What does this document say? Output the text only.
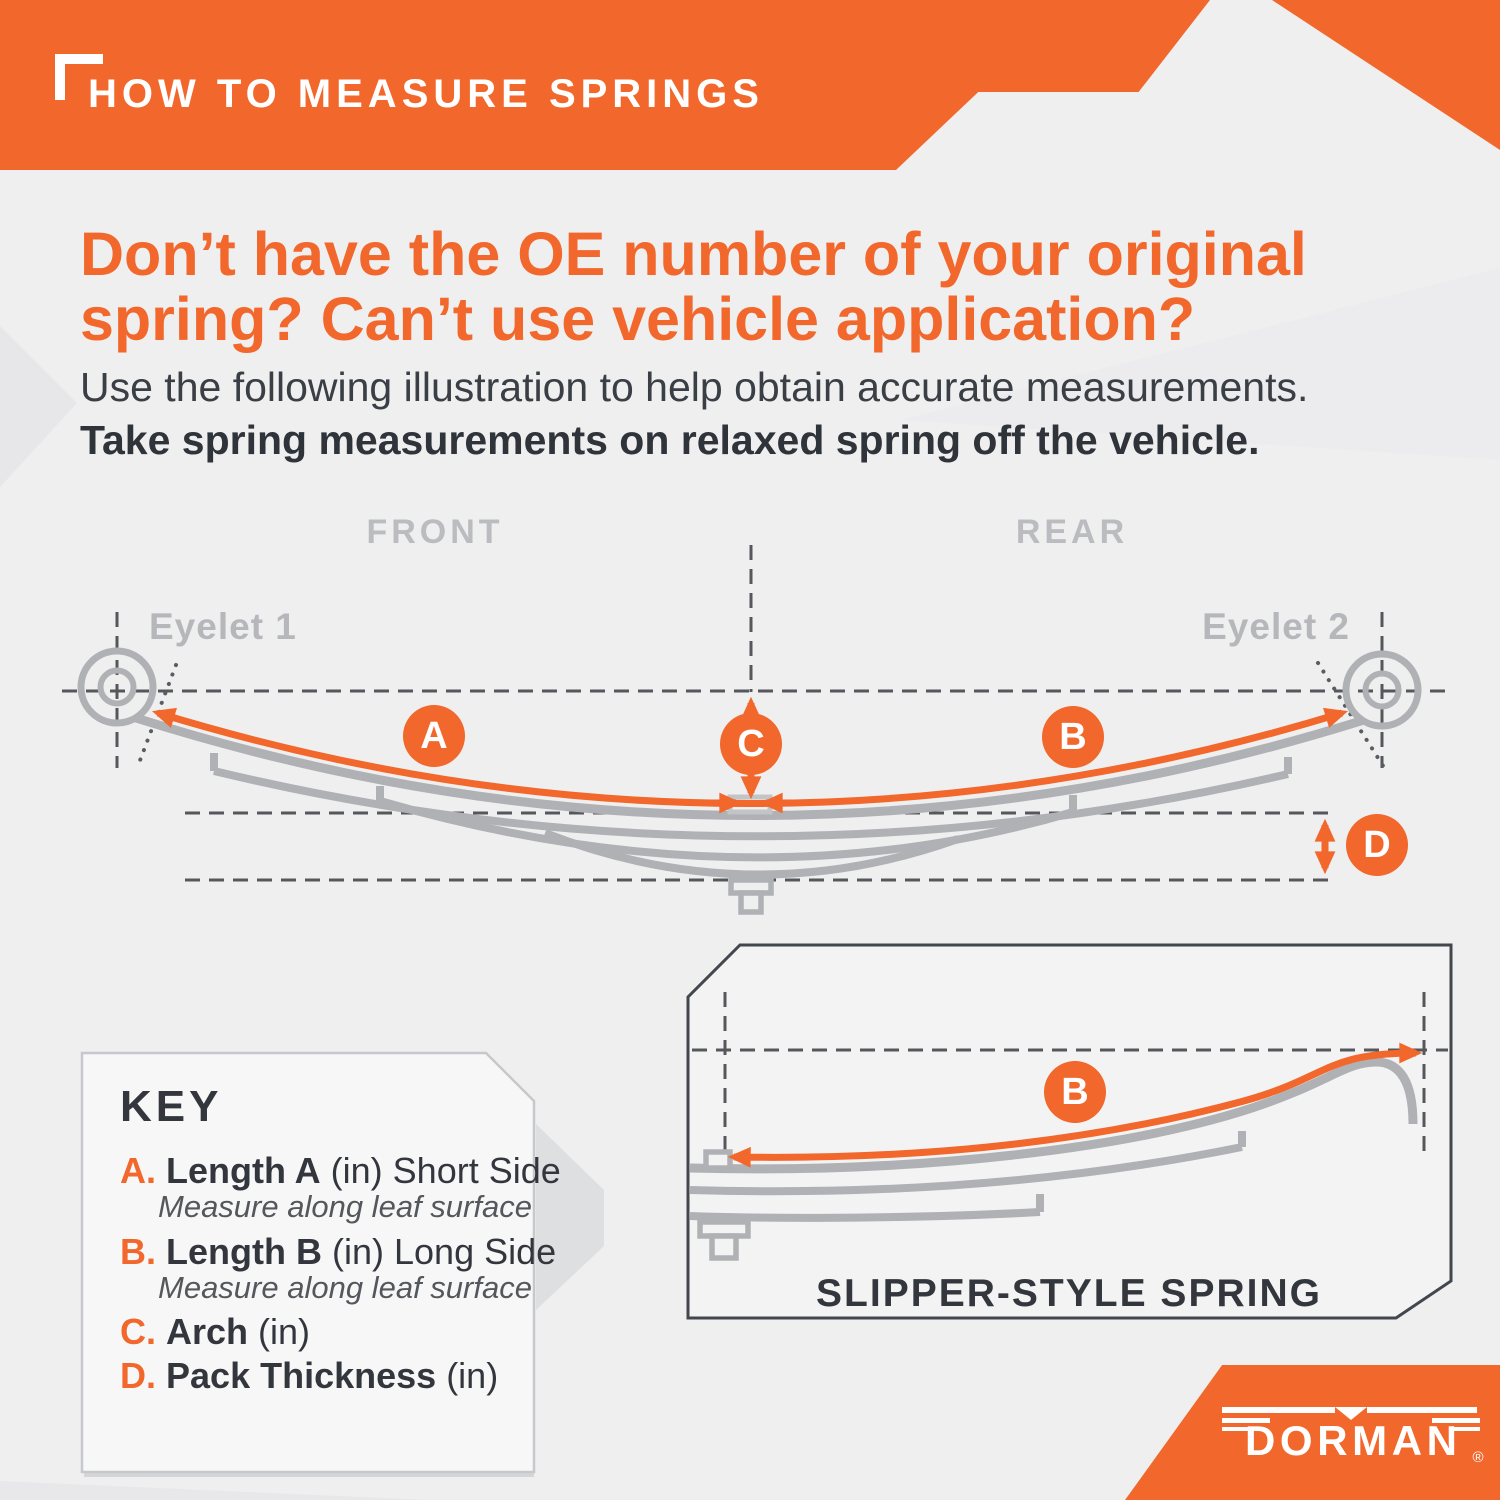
HOW TO MEASURE SPRINGS
Don’t have the OE number of your original
spring? Can’t use vehicle application?
Use the following illustration to help obtain accurate measurements.
Take spring measurements on relaxed spring off the vehicle.
FRONT	REAR
Eyelet 1	Eyelet 2
A	B
C
D
B
KEY
A. Length A (in) Short Side
Measure along leaf surface
B. Length B (in) Long Side
Measure along leaf surface
C. Arch (in)
D. Pack Thickness (in)
SLIPPER-STYLE SPRING
DORMAN ®
